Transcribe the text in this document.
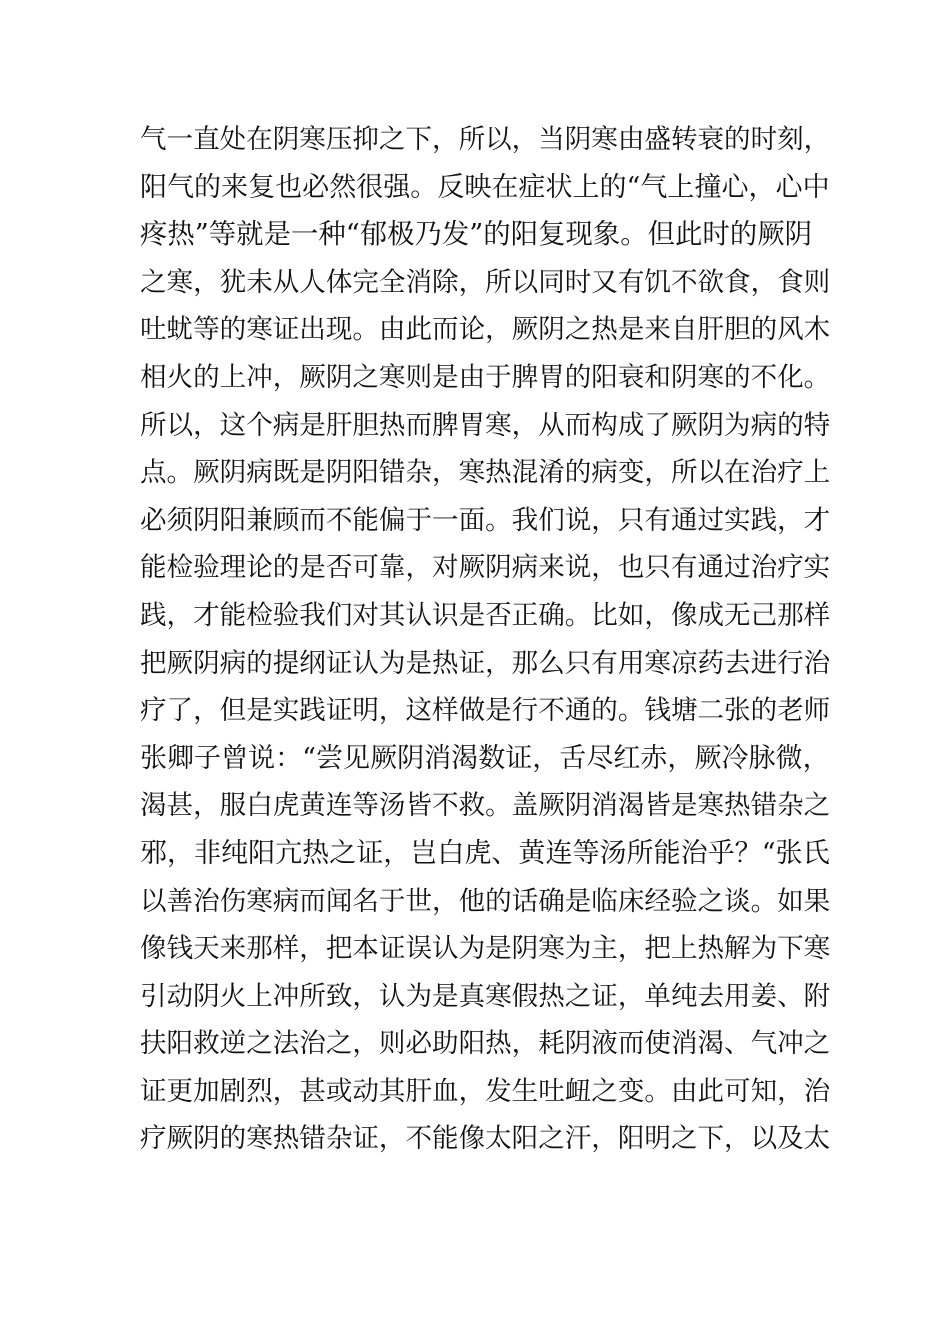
气一直处在阴寒压抑之下，所以，当阴寒由盛转衰的时刻，
阳气的来复也必然很强。反映在症状上的“气上撞心，心中
疼热”等就是一种“郁极乃发”的阳复现象。但此时的厥阴
之寒，犹未从人体完全消除，所以同时又有饥不欲食，食则
吐蚘等的寒证出现。由此而论，厥阴之热是来自肝胆的风木
相火的上冲，厥阴之寒则是由于脾胃的阳衰和阴寒的不化。
所以，这个病是肝胆热而脾胃寒，从而构成了厥阴为病的特
点。厥阴病既是阴阳错杂，寒热混淆的病变，所以在治疗上
必须阴阳兼顾而不能偏于一面。我们说，只有通过实践，才
能检验理论的是否可靠，对厥阴病来说，也只有通过治疗实
践，才能检验我们对其认识是否正确。比如，像成无己那样
把厥阴病的提纲证认为是热证，那么只有用寒凉药去进行治
疗了，但是实践证明，这样做是行不通的。钱塘二张的老师
张卿子曾说：“尝见厥阴消渴数证，舌尽红赤，厥冷脉微，
渴甚，服白虎黄连等汤皆不救。盖厥阴消渴皆是寒热错杂之
邪，非纯阳亢热之证，岂白虎、黄连等汤所能治乎？“张氏
以善治伤寒病而闻名于世，他的话确是临床经验之谈。如果
像钱天来那样，把本证误认为是阴寒为主，把上热解为下寒
引动阴火上冲所致，认为是真寒假热之证，单纯去用姜、附
扶阳救逆之法治之，则必助阳热，耗阴液而使消渴、气冲之
证更加剧烈，甚或动其肝血，发生吐衄之变。由此可知，治
疗厥阴的寒热错杂证，不能像太阳之汗，阳明之下，以及太
